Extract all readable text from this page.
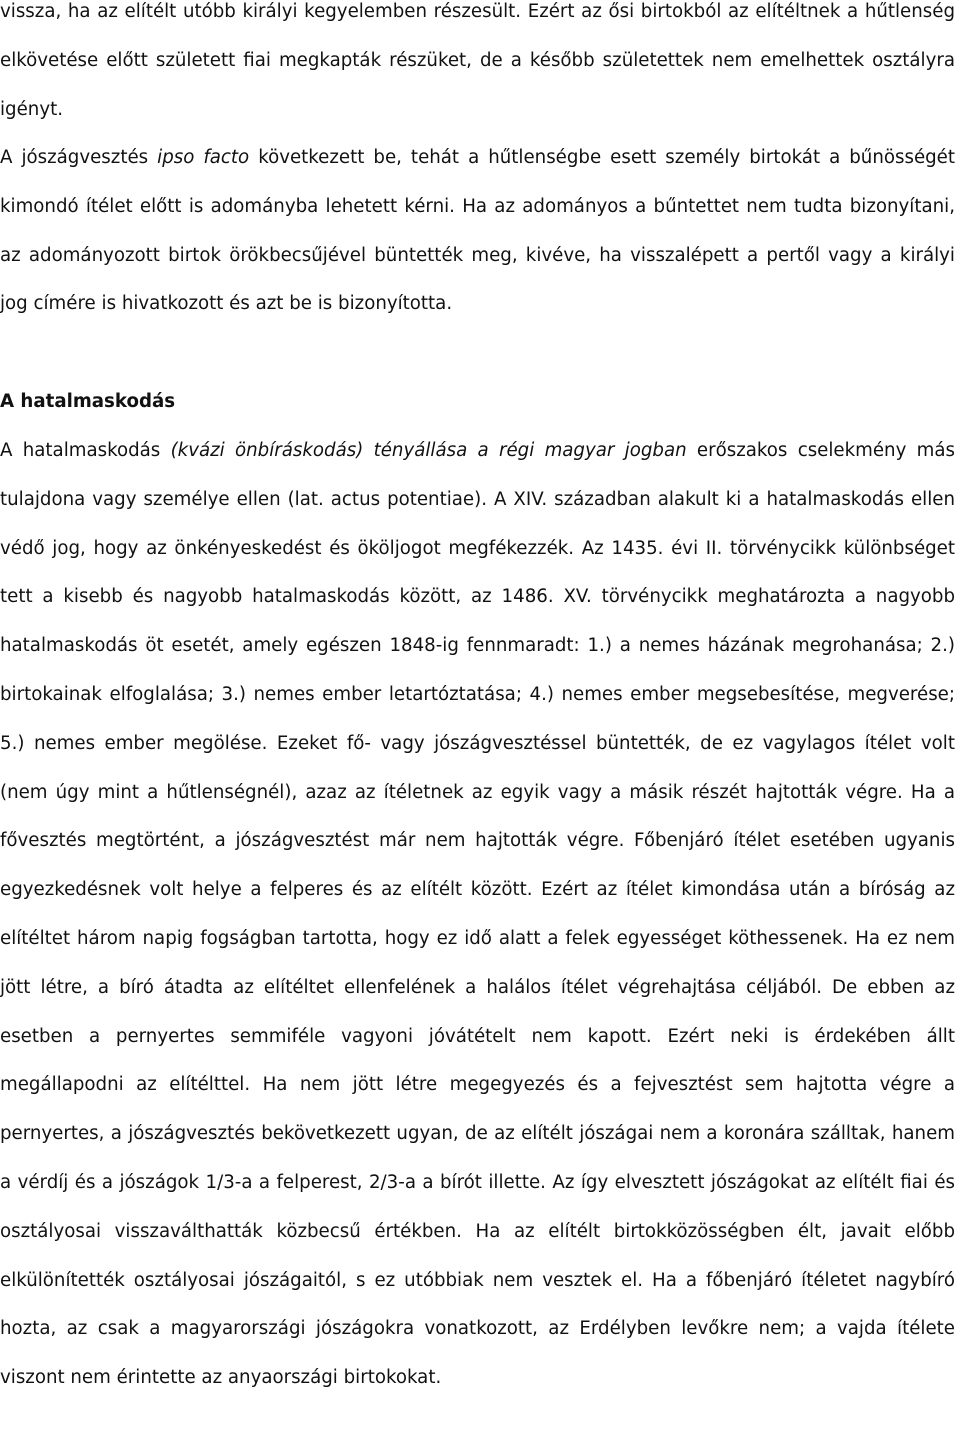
vissza, ha az elítélt utóbb királyi kegyelemben részesült. Ezért az ősi birtokból az elítéltnek a hűtlenség elkövetése előtt született fiai megkapták részüket, de a később születettek nem emelhettek osztályra igényt.

A jószágvesztés ipso facto következett be, tehát a hűtlenségbe esett személy birtokát a bűnösségét kimondó ítélet előtt is adományba lehetett kérni. Ha az adományos a bűntettet nem tudta bizonyítani, az adományozott birtok örökbecsűjével büntették meg, kivéve, ha visszalépett a pertől vagy a királyi jog címére is hivatkozott és azt be is bizonyította.

A hatalmaskodás

A hatalmaskodás (kvázi önbíráskodás) tényállása a régi magyar jogban erőszakos cselekmény más tulajdona vagy személye ellen (lat. actus potentiae). A XIV. században alakult ki a hatalmaskodás ellen védő jog, hogy az önkényeskedést és ököljogot megfékezzék. Az 1435. évi II. törvénycikk különbséget tett a kisebb és nagyobb hatalmaskodás között, az 1486. XV. törvénycikk meghatározta a nagyobb hatalmaskodás öt esetét, amely egészen 1848-ig fennmaradt: 1.) a nemes házának megrohanása; 2.) birtokainak elfoglalása; 3.) nemes ember letartóztatása; 4.) nemes ember megsebesítése, megverése; 5.) nemes ember megölése. Ezeket fő- vagy jószágvesztéssel büntették, de ez vagylagos ítélet volt (nem úgy mint a hűtlenségnél), azaz az ítéletnek az egyik vagy a másik részét hajtották végre. Ha a fővesztés megtörtént, a jószágvesztést már nem hajtották végre. Főbenjáró ítélet esetében ugyanis egyezkedésnek volt helye a felperes és az elítélt között. Ezért az ítélet kimondása után a bíróság az elítéltet három napig fogságban tartotta, hogy ez idő alatt a felek egyességet köthessenek. Ha ez nem jött létre, a bíró átadta az elítéltet ellenfelének a halálos ítélet végrehajtása céljából. De ebben az esetben a pernyertes semmiféle vagyoni jóvátételt nem kapott. Ezért neki is érdekében állt megállapodni az elítélttel. Ha nem jött létre megegyezés és a fejvesztést sem hajtotta végre a pernyertes, a jószágvesztés bekövetkezett ugyan, de az elítélt jószágai nem a koronára szálltak, hanem a vérdíj és a jószágok 1/3-a a felperest, 2/3-a a bírót illette. Az így elvesztett jószágokat az elítélt fiai és osztályosai visszaválthatták közbecsű értékben. Ha az elítélt birtokközösségben élt, javait előbb elkülönítették osztályosai jószágaitól, s ez utóbbiak nem vesztek el. Ha a főbenjáró ítéletet nagybíró hozta, az csak a magyarországi jószágokra vonatkozott, az Erdélyben levőkre nem; a vajda ítélete viszont nem érintette az anyaországi birtokokat.
